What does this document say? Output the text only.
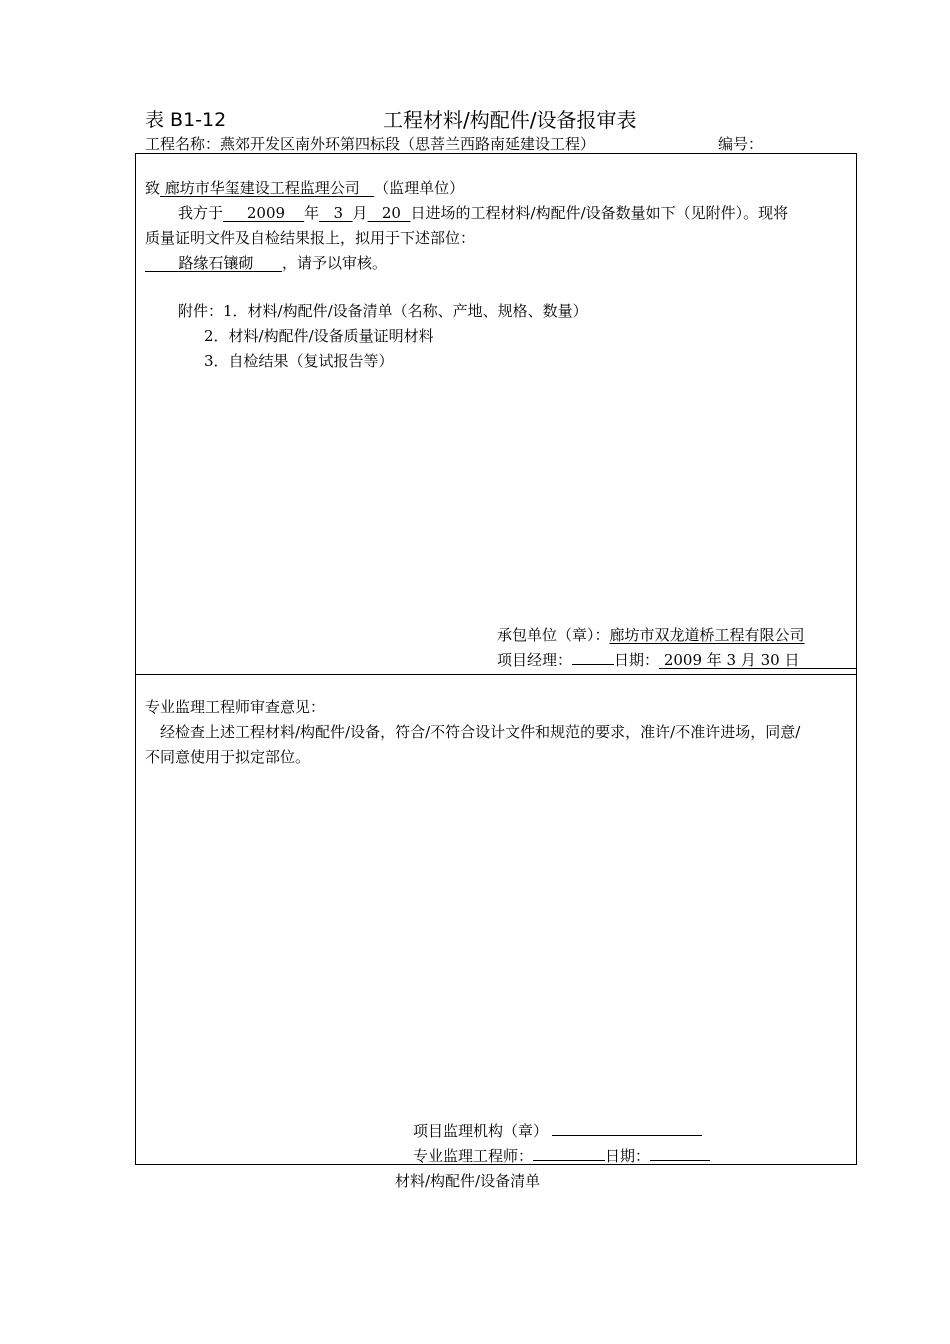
表 B1-12	工程材料/构配件/设备报审表
工程名称：燕郊开发区南外环第四标段（思菩兰西路南延建设工程）	编号：
致 廊坊市华玺建设工程监理公司 （监理单位）
我方于 2009 年 3 月 20 日进场的工程材料/构配件/设备数量如下（见附件）。现将
质量证明文件及自检结果报上，拟用于下述部位：
路缘石镶砌 ，请予以审核。
附件：1．材料/构配件/设备清单（名称、产地、规格、数量）
2．材料/构配件/设备质量证明材料
3．自检结果（复试报告等）
承包单位（章）：廊坊市双龙道桥工程有限公司
项目经理：	日期： 2009 年 3 月 30 日
专业监理工程师审查意见：
经检查上述工程材料/构配件/设备，符合/不符合设计文件和规范的要求，准许/不准许进场，同意/
不同意使用于拟定部位。
项目监理机构（章）
专业监理工程师：	日期：
材料/构配件/设备清单
